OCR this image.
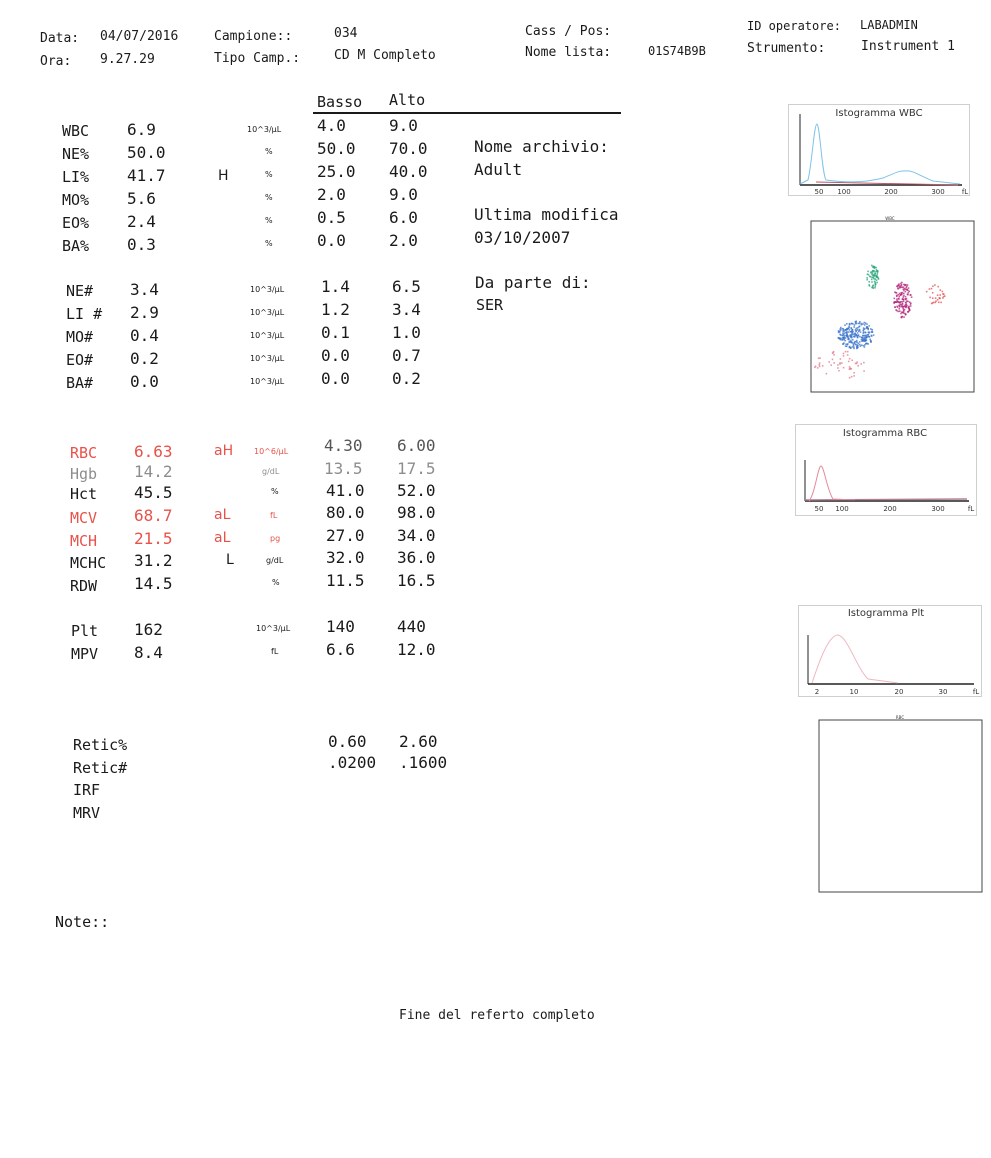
Data: 04/07/2016
Ora: 9.27.29
Campione::	034
Tipo Camp.:	CD M Completo
Cass / Pos:
Nome lista:	01S74B9B
ID operatore: LABADMIN
Strumento:	Instrument 1
Basso Alto
WBC 6.9	10^3/µL 4.0	9.0
NE% 50.0	%	50.0 70.0
LI% 41.7	H	%	25.0 40.0
MO% 5.6	%	2.0	9.0
EO% 2.4	%	0.5	6.0
BA% 0.3	%	0.0	2.0
NE# 3.4	10^3/µL 1.4	6.5
LI # 2.9	10^3/µL 1.2	3.4
MO# 0.4	10^3/µL 0.1	1.0
EO# 0.2	10^3/µL 0.0	0.7
BA# 0.0	10^3/µL 0.0	0.2
RBC 6.63	aH	10^6/µL 4.30 6.00
Hgb 14.2	g/dL	13.5 17.5
Hct 45.5	%	41.0 52.0
MCV 68.7	aL	fL	80.0 98.0
MCH 21.5	aL	pg	27.0 34.0
MCHC 31.2	L	g/dL	32.0 36.0
RDW 14.5	%	11.5 16.5
Plt 162	10^3/µL 140	440
MPV 8.4	fL	6.6	12.0
Retic%	0.60 2.60
Retic#	.0200 .1600
IRF
MRV
Nome archivio:
Adult
Ultima modifica
03/10/2007
Da parte di:
SER
Istogramma WBC
50 100	200	300 fL
WBC
Istogramma RBC
50 100	200	300	fL
Istogramma Plt
2	10	20	30	fL
RBC
Note::
Fine del referto completo
